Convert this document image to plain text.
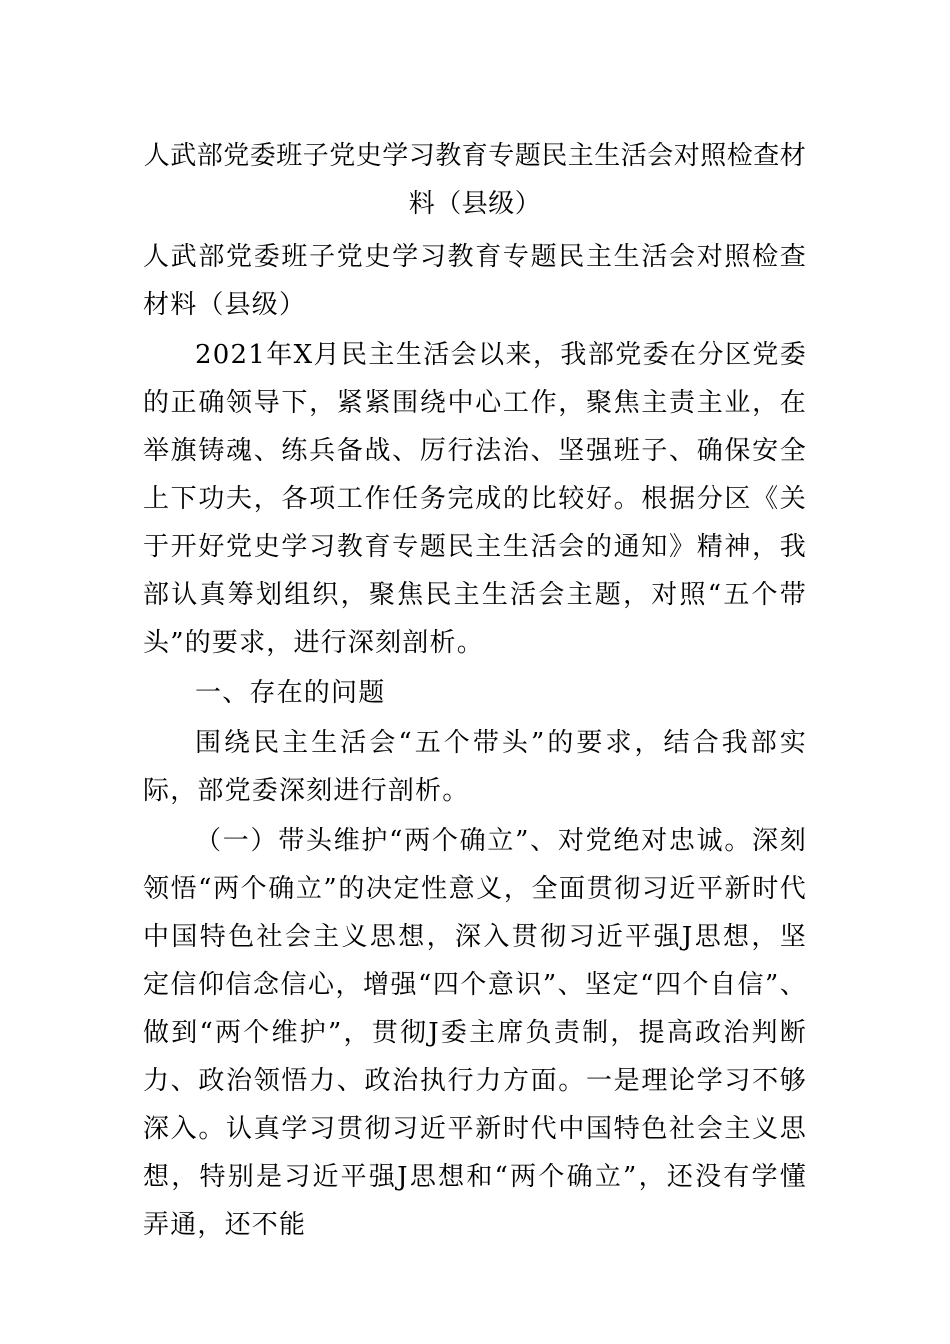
人武部党委班子党史学习教育专题民主生活会对照检查材料（县级）

人武部党委班子党史学习教育专题民主生活会对照检查材料（县级）

2021年X月民主生活会以来，我部党委在分区党委的正确领导下，紧紧围绕中心工作，聚焦主责主业，在举旗铸魂、练兵备战、厉行法治、坚强班子、确保安全上下功夫，各项工作任务完成的比较好。根据分区《关于开好党史学习教育专题民主生活会的通知》精神，我部认真筹划组织，聚焦民主生活会主题，对照“五个带头”的要求，进行深刻剖析。

一、存在的问题

围绕民主生活会“五个带头”的要求，结合我部实际，部党委深刻进行剖析。

（一）带头维护“两个确立”、对党绝对忠诚。深刻领悟“两个确立”的决定性意义，全面贯彻习近平新时代中国特色社会主义思想，深入贯彻习近平强J思想，坚定信仰信念信心，增强“四个意识”、坚定“四个自信”、做到“两个维护”，贯彻J委主席负责制，提高政治判断力、政治领悟力、政治执行力方面。一是理论学习不够深入。认真学习贯彻习近平新时代中国特色社会主义思想，特别是习近平强J思想和“两个确立”，还没有学懂弄通，还不能
